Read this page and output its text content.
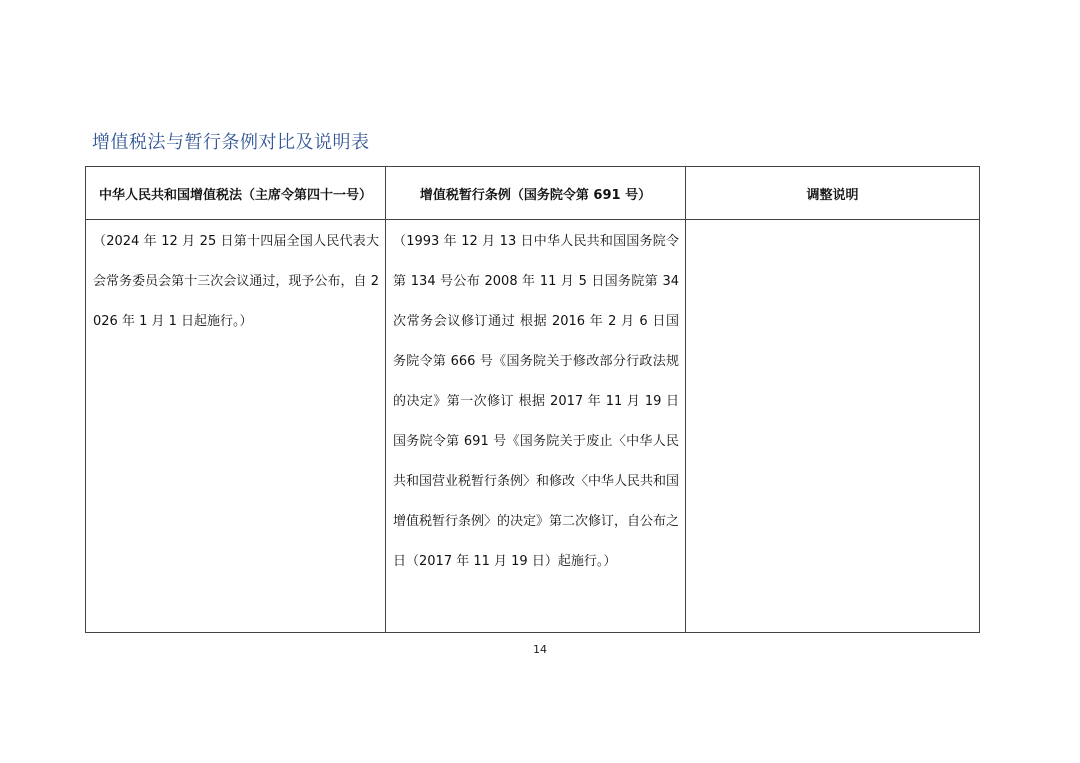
增值税法与暂行条例对比及说明表
中华人民共和国增值税法（主席令第四十一号）	增值税暂行条例（国务院令第 691 号）	调整说明
（2024 年 12 月 25 日第十四届全国人民代表大会常务委员会第十三次会议通过，现予公布，自 2026 年 1 月 1 日起施行。）	（1993 年 12 月 13 日中华人民共和国国务院令第 134 号公布 2008 年 11 月 5 日国务院第 34 次常务会议修订通过 根据 2016 年 2 月 6 日国务院令第 666 号《国务院关于修改部分行政法规的决定》第一次修订 根据 2017 年 11 月 19 日国务院令第 691 号《国务院关于废止〈中华人民共和国营业税暂行条例〉和修改〈中华人民共和国增值税暂行条例〉的决定》第二次修订，自公布之日（2017 年 11 月 19 日）起施行。）	
14
